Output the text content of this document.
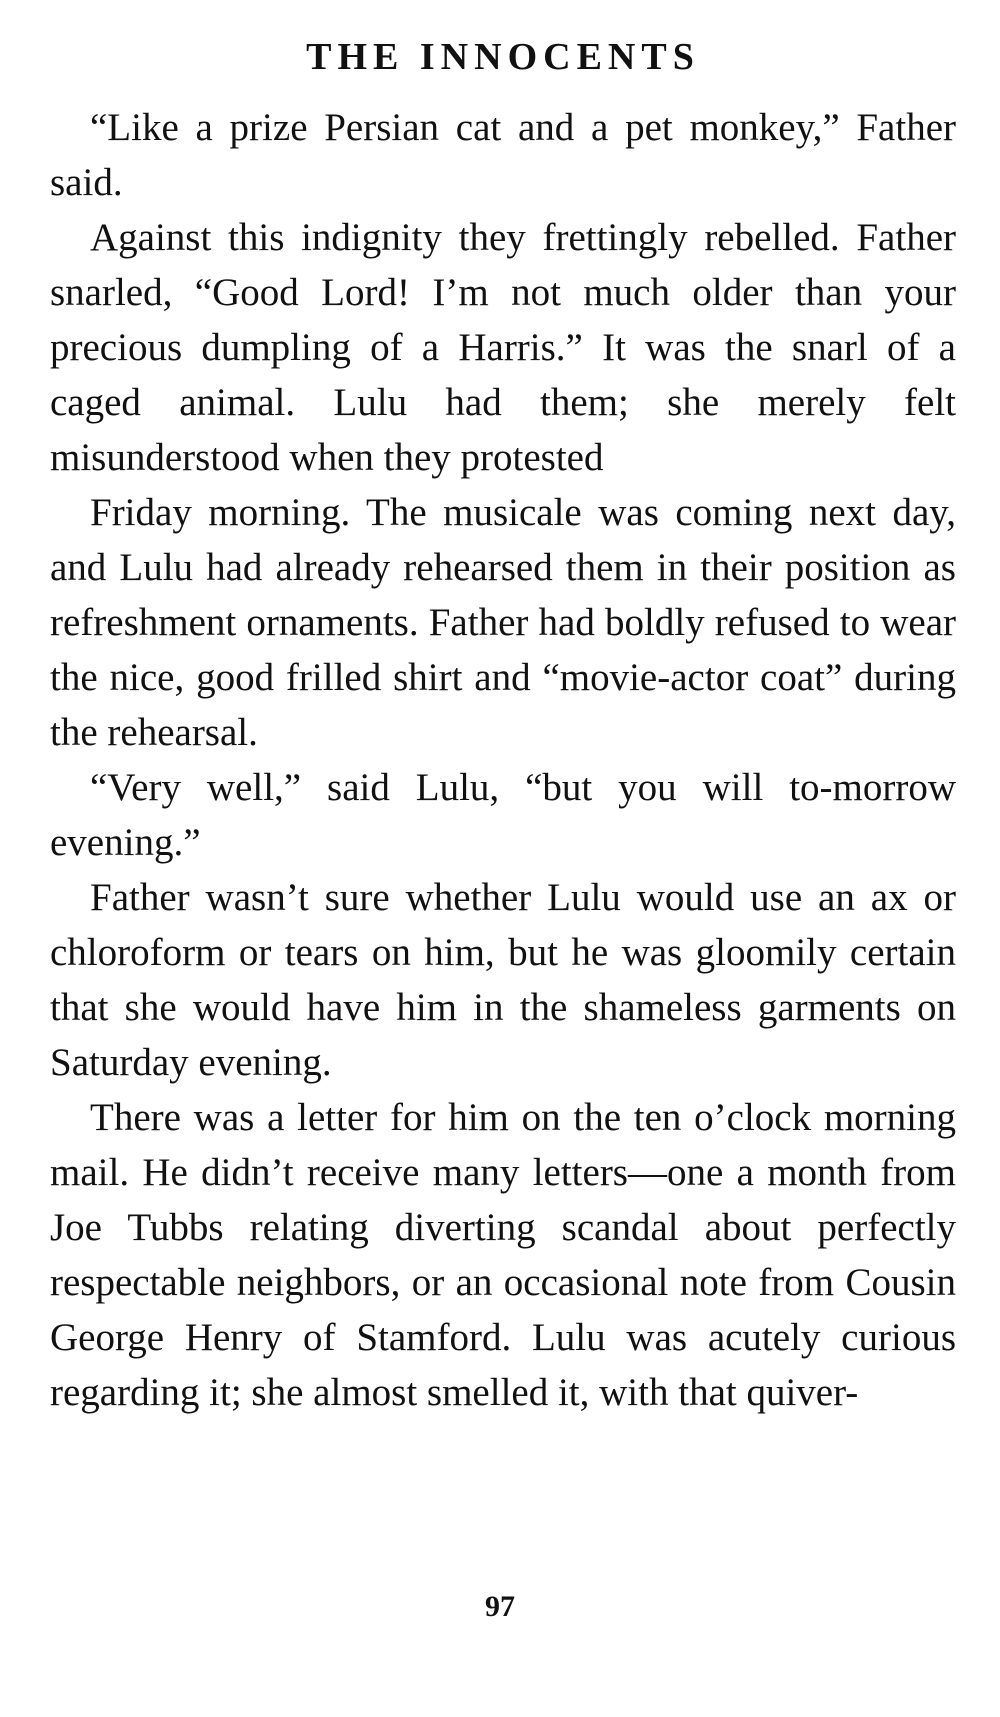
THE INNOCENTS

“Like a prize Persian cat and a pet monkey,” Father said.

Against this indignity they frettingly rebelled. Father snarled, “Good Lord! I’m not much older than your precious dumpling of a Harris.” It was the snarl of a caged animal. Lulu had them; she merely felt misunderstood when they protested

Friday morning. The musicale was coming next day, and Lulu had already rehearsed them in their position as refreshment ornaments. Father had boldly refused to wear the nice, good frilled shirt and “movie-actor coat” during the rehearsal.

“Very well,” said Lulu, “but you will to-morrow evening.”

Father wasn’t sure whether Lulu would use an ax or chloroform or tears on him, but he was gloomily certain that she would have him in the shameless garments on Saturday evening.

There was a letter for him on the ten o’clock morning mail. He didn’t receive many letters—one a month from Joe Tubbs relating diverting scandal about perfectly respectable neighbors, or an occasional note from Cousin George Henry of Stamford. Lulu was acutely curious regarding it; she almost smelled it, with that quiver-

97
